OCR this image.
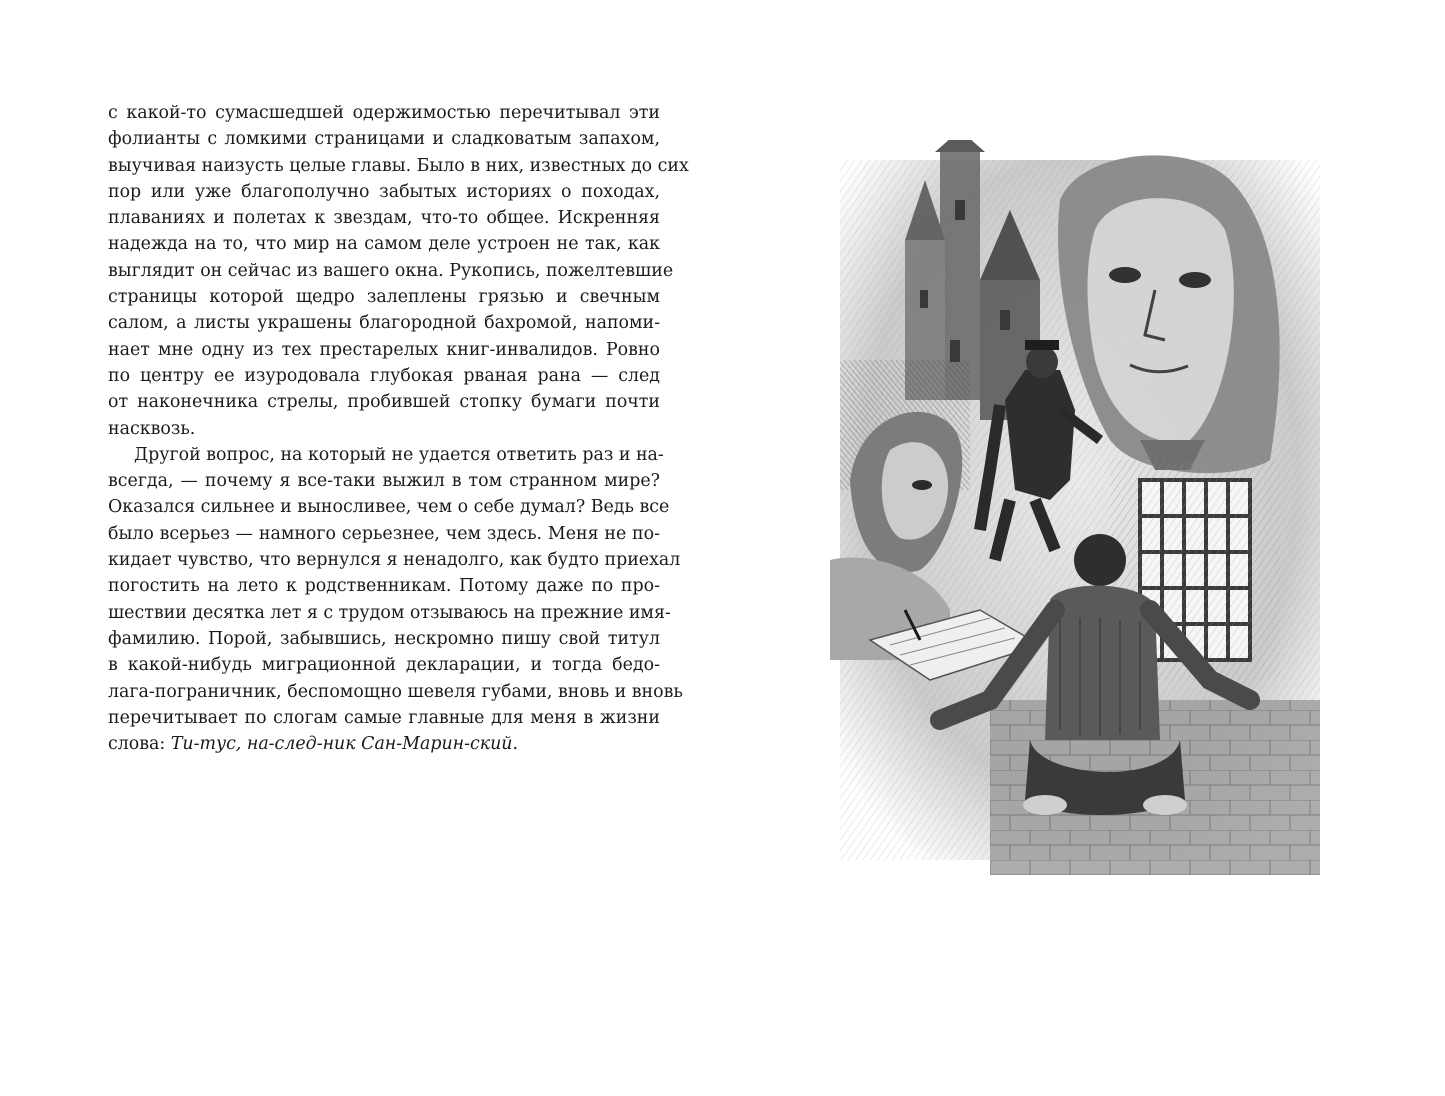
с какой-то сумасшедшей одержимостью перечитывал эти
фолианты с ломкими страницами и сладковатым запахом,
выучивая наизусть целые главы. Было в них, известных до сих
пор или уже благополучно забытых историях о походах,
плаваниях и полетах к звездам, что-то общее. Искренняя
надежда на то, что мир на самом деле устроен не так, как
выглядит он сейчас из вашего окна. Рукопись, пожелтевшие
страницы которой щедро залеплены грязью и свечным
салом, а листы украшены благородной бахромой, напоми-
нает мне одну из тех престарелых книг-инвалидов. Ровно
по центру ее изуродовала глубокая рваная рана — след
от наконечника стрелы, пробившей стопку бумаги почти
насквозь.
Другой вопрос, на который не удается ответить раз и на-
всегда, — почему я все-таки выжил в том странном мире?
Оказался сильнее и выносливее, чем о себе думал? Ведь все
было всерьез — намного серьезнее, чем здесь. Меня не по-
кидает чувство, что вернулся я ненадолго, как будто приехал
погостить на лето к родственникам. Потому даже по про-
шествии десятка лет я с трудом отзываюсь на прежние имя-
фамилию. Порой, забывшись, нескромно пишу свой титул
в какой-нибудь миграционной декларации, и тогда бедо-
лага-пограничник, беспомощно шевеля губами, вновь и вновь
перечитывает по слогам самые главные для меня в жизни
слова: Ти-тус, на-след-ник Сан-Марин-ский.
